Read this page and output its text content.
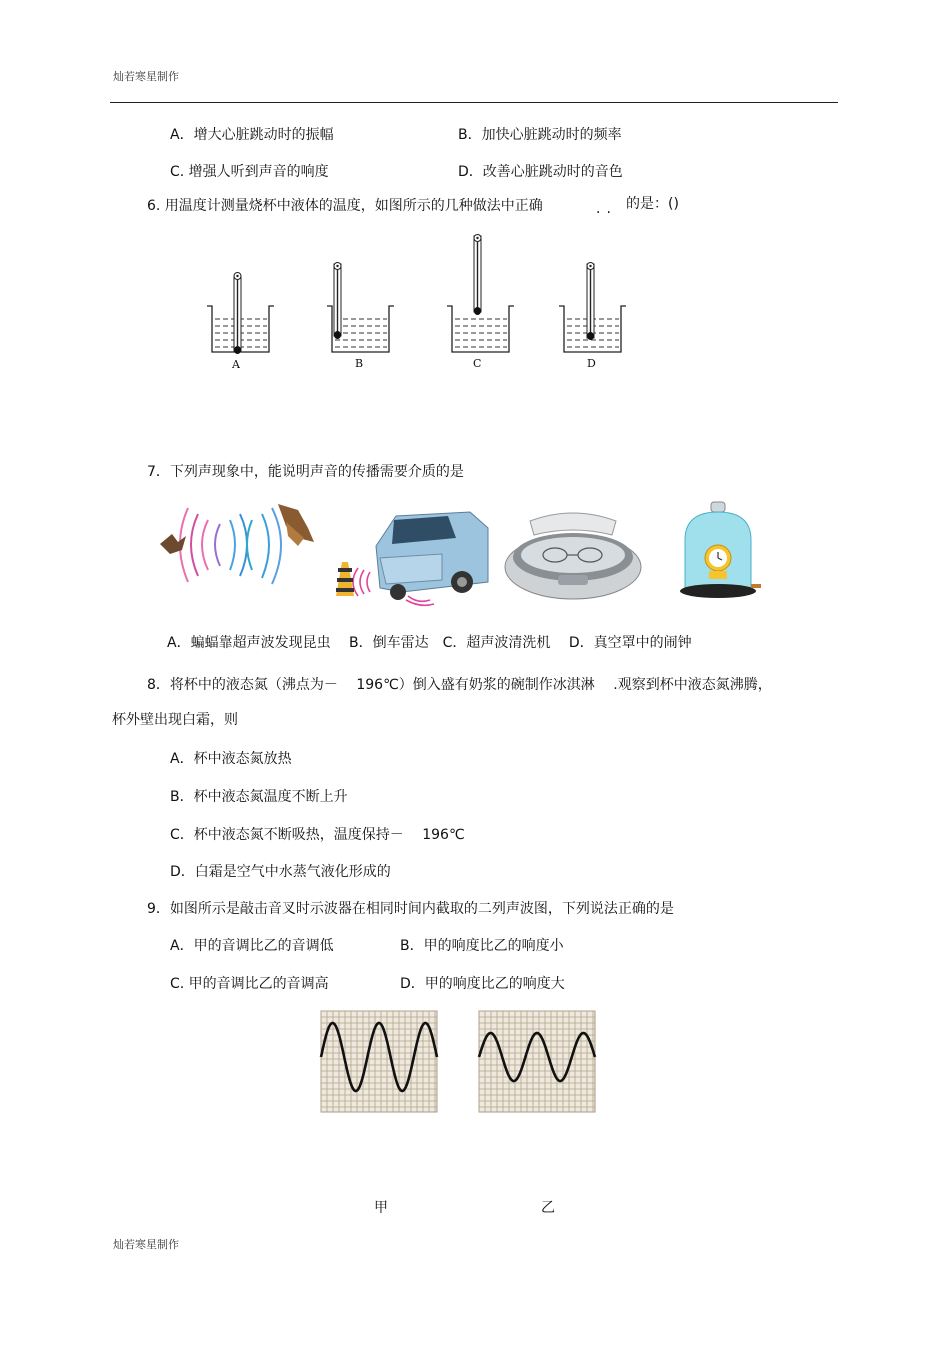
灿若寒星制作
A．增大心脏跳动时的振幅	B．加快心脏跳动时的频率
C. 增强人听到声音的响度	D．改善心脏跳动时的音色
6. 用温度计测量烧杯中液体的温度，如图所示的几种做法中正确	.. 的是：()
A	B	C	D
7．下列声现象中，能说明声音的传播需要介质的是
A．蝙蝠靠超声波发现昆虫　 B．倒车雷达　C．超声波清洗机　 D．真空罩中的闹钟
8．将杯中的液态氮（沸点为－　 196℃）倒入盛有奶浆的碗制作冰淇淋　 .观察到杯中液态氮沸腾，
杯外壁出现白霜，则
A．杯中液态氮放热
B．杯中液态氮温度不断上升
C．杯中液态氮不断吸热，温度保持－　 196℃
D．白霜是空气中水蒸气液化形成的
9．如图所示是敲击音叉时示波器在相同时间内截取的二列声波图，下列说法正确的是
A．甲的音调比乙的音调低	B．甲的响度比乙的响度小
C. 甲的音调比乙的音调高	D．甲的响度比乙的响度大
甲	乙
灿若寒星制作
